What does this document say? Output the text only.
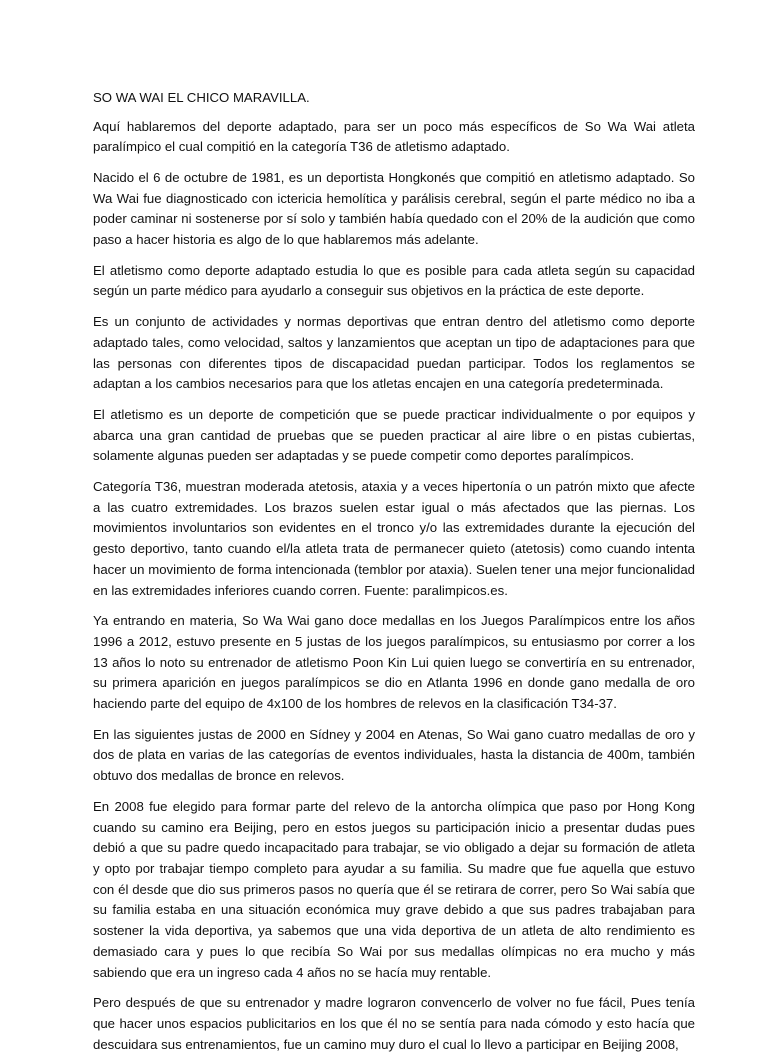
SO WA WAI EL CHICO MARAVILLA.

Aquí hablaremos del deporte adaptado, para ser un poco más específicos de So Wa Wai atleta paralímpico el cual compitió en la categoría T36 de atletismo adaptado.

Nacido el 6 de octubre de 1981, es un deportista Hongkonés que compitió en atletismo adaptado. So Wa Wai fue diagnosticado con ictericia hemolítica y parálisis cerebral, según el parte médico no iba a poder caminar ni sostenerse por sí solo y también había quedado con el 20% de la audición que como paso a hacer historia es algo de lo que hablaremos más adelante.

El atletismo como deporte adaptado estudia lo que es posible para cada atleta según su capacidad según un parte médico para ayudarlo a conseguir sus objetivos en la práctica de este deporte.

Es un conjunto de actividades y normas deportivas que entran dentro del atletismo como deporte adaptado tales, como velocidad, saltos y lanzamientos que aceptan un tipo de adaptaciones para que las personas con diferentes tipos de discapacidad puedan participar. Todos los reglamentos se adaptan a los cambios necesarios para que los atletas encajen en una categoría predeterminada.

El atletismo es un deporte de competición que se puede practicar individualmente o por equipos y abarca una gran cantidad de pruebas que se pueden practicar al aire libre o en pistas cubiertas, solamente algunas pueden ser adaptadas y se puede competir como deportes paralímpicos.

Categoría T36, muestran moderada atetosis, ataxia y a veces hipertonía o un patrón mixto que afecte a las cuatro extremidades. Los brazos suelen estar igual o más afectados que las piernas. Los movimientos involuntarios son evidentes en el tronco y/o las extremidades durante la ejecución del gesto deportivo, tanto cuando el/la atleta trata de permanecer quieto (atetosis) como cuando intenta hacer un movimiento de forma intencionada (temblor por ataxia). Suelen tener una mejor funcionalidad en las extremidades inferiores cuando corren. Fuente: paralimpicos.es.

Ya entrando en materia, So Wa Wai gano doce medallas en los Juegos Paralímpicos entre los años 1996 a 2012, estuvo presente en 5 justas de los juegos paralímpicos, su entusiasmo por correr a los 13 años lo noto su entrenador de atletismo Poon Kin Lui quien luego se convertiría en su entrenador, su primera aparición en juegos paralímpicos se dio en Atlanta 1996 en donde gano medalla de oro haciendo parte del equipo de 4x100 de los hombres de relevos en la clasificación T34-37.

En las siguientes justas de 2000 en Sídney y 2004 en Atenas, So Wai gano cuatro medallas de oro y dos de plata en varias de las categorías de eventos individuales, hasta la distancia de 400m, también obtuvo dos medallas de bronce en relevos.

En 2008 fue elegido para formar parte del relevo de la antorcha olímpica que paso por Hong Kong cuando su camino era Beijing, pero en estos juegos su participación inicio a presentar dudas pues debió a que su padre quedo incapacitado para trabajar, se vio obligado a dejar su formación de atleta y opto por trabajar tiempo completo para ayudar a su familia. Su madre que fue aquella que estuvo con él desde que dio sus primeros pasos no quería que él se retirara de correr, pero So Wai sabía que su familia estaba en una situación económica muy grave debido a que sus padres trabajaban para sostener la vida deportiva, ya sabemos que una vida deportiva de un atleta de alto rendimiento es demasiado cara y pues lo que recibía So Wai por sus medallas olímpicas no era mucho y más sabiendo que era un ingreso cada 4 años no se hacía muy rentable.

Pero después de que su entrenador y madre lograron convencerlo de volver no fue fácil, Pues tenía que hacer unos espacios publicitarios en los que él no se sentía para nada cómodo y esto hacía que descuidara sus entrenamientos, fue un camino muy duro el cual lo llevo a participar en Beijing 2008,
